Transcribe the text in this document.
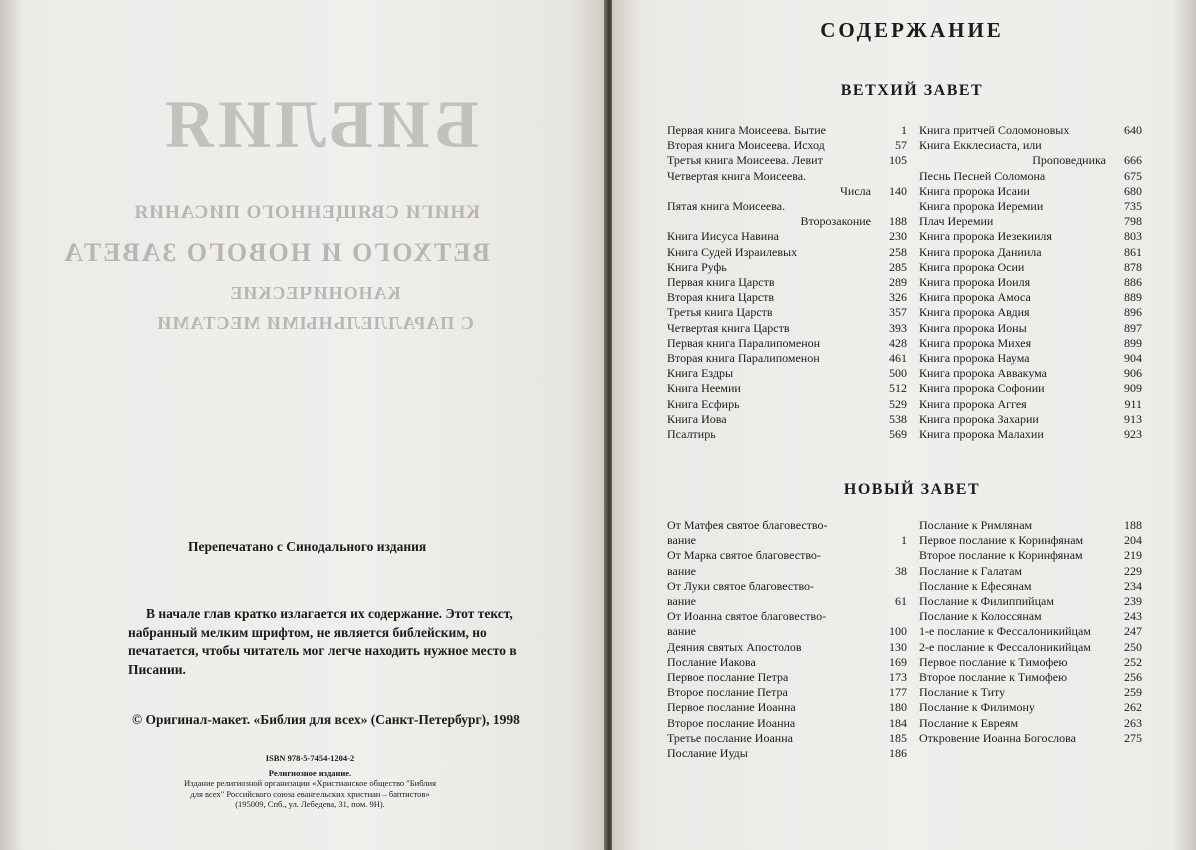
БИБЛИЯ
КНИГИ СВЯЩЕННОГО ПИСАНИЯ
ВЕТХОГО И НОВОГО ЗАВЕТА
КАНОНИЧЕСКИЕ
С ПАРАЛЛЕЛЬНЫМИ МЕСТАМИ
Перепечатано с Синодального издания

В начале глав кратко излагается их содержание. Этот текст, набранный мелким шрифтом, не является библейским, но печатается, чтобы читатель мог легче находить нужное место в Писании.

© Оригинал-макет. «Библия для всех» (Санкт-Петербург), 1998
ISBN 978-5-7454-1204-2
Религиозное издание.
Издание религиозной организации «Христианское общество "Библия для всех" Российского союза евангельских христиан – баптистов» (195009, Спб., ул. Лебедева, 31, пом. 9Н).
СОДЕРЖАНИЕ
ВЕТХИЙ ЗАВЕТ
Первая книга Моисеева. Бытие	1
Вторая книга Моисеева. Исход	57
Третья книга Моисеева. Левит	105
Четвертая книга Моисеева.
Числа	140
Пятая книга Моисеева.
Второзаконие	188
Книга Иисуса Навина	230
Книга Судей Израилевых	258
Книга Руфь	285
Первая книга Царств	289
Вторая книга Царств	326
Третья книга Царств	357
Четвертая книга Царств	393
Первая книга Паралипоменон	428
Вторая книга Паралипоменон	461
Книга Ездры	500
Книга Неемии	512
Книга Есфирь	529
Книга Иова	538
Псалтирь	569
Книга притчей Соломоновых	640
Книга Екклесиаста, или
Проповедника	666
Песнь Песней Соломона	675
Книга пророка Исаии	680
Книга пророка Иеремии	735
Плач Иеремии	798
Книга пророка Иезекииля	803
Книга пророка Даниила	861
Книга пророка Осии	878
Книга пророка Иоиля	886
Книга пророка Амоса	889
Книга пророка Авдия	896
Книга пророка Ионы	897
Книга пророка Михея	899
Книга пророка Наума	904
Книга пророка Аввакума	906
Книга пророка Софонии	909
Книга пророка Аггея	911
Книга пророка Захарии	913
Книга пророка Малахии	923
НОВЫЙ ЗАВЕТ
От Матфея святое благовество-
вание	1
От Марка святое благовество-
вание	38
От Луки святое благовество-
вание	61
От Иоанна святое благовество-
вание	100
Деяния святых Апостолов	130
Послание Иакова	169
Первое послание Петра	173
Второе послание Петра	177
Первое послание Иоанна	180
Второе послание Иоанна	184
Третье послание Иоанна	185
Послание Иуды	186
Послание к Римлянам	188
Первое послание к Коринфянам	204
Второе послание к Коринфянам	219
Послание к Галатам	229
Послание к Ефесянам	234
Послание к Филиппийцам	239
Послание к Колоссянам	243
1-е послание к Фессалоникийцам	247
2-е послание к Фессалоникийцам	250
Первое послание к Тимофею	252
Второе послание к Тимофею	256
Послание к Титу	259
Послание к Филимону	262
Послание к Евреям	263
Откровение Иоанна Богослова	275
